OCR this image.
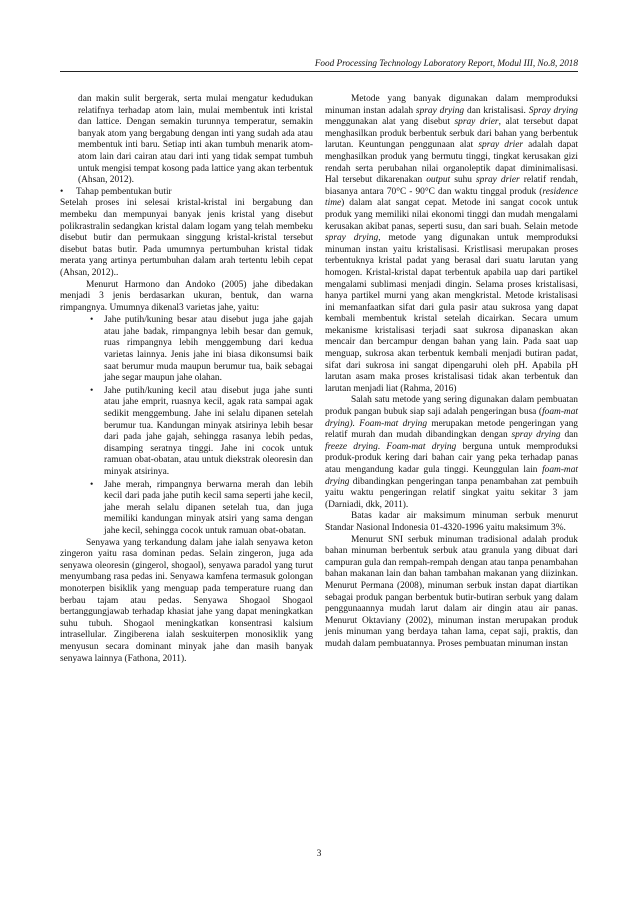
Food Processing Technology Laboratory Report, Modul III, No.8, 2018

dan makin sulit bergerak, serta mulai mengatur kedudukan relatifnya terhadap atom lain, mulai membentuk inti kristal dan lattice. Dengan semakin turunnya temperatur, semakin banyak atom yang bergabung dengan inti yang sudah ada atau membentuk inti baru. Setiap inti akan tumbuh menarik atom-atom lain dari cairan atau dari inti yang tidak sempat tumbuh untuk mengisi tempat kosong pada lattice yang akan terbentuk (Ahsan, 2012).

• Tahap pembentukan butir

Setelah proses ini selesai kristal-kristal ini bergabung dan membeku dan mempunyai banyak jenis kristal yang disebut polikrastralin sedangkan kristal dalam logam yang telah membeku disebut butir dan permukaan singgung kristal-kristal tersebut disebut batas butir. Pada umumnya pertumbuhan kristal tidak merata yang artinya pertumbuhan dalam arah tertentu lebih cepat (Ahsan, 2012)..

Menurut Harmono dan Andoko (2005) jahe dibedakan menjadi 3 jenis berdasarkan ukuran, bentuk, dan warna rimpangnya. Umumnya dikenal3 varietas jahe, yaitu:

• Jahe putih/kuning besar atau disebut juga jahe gajah atau jahe badak, rimpangnya lebih besar dan gemuk, ruas rimpangnya lebih menggembung dari kedua varietas lainnya. Jenis jahe ini biasa dikonsumsi baik saat berumur muda maupun berumur tua, baik sebagai jahe segar maupun jahe olahan.

• Jahe putih/kuning kecil atau disebut juga jahe sunti atau jahe emprit, ruasnya kecil, agak rata sampai agak sedikit menggembung. Jahe ini selalu dipanen setelah berumur tua. Kandungan minyak atsirinya lebih besar dari pada jahe gajah, sehingga rasanya lebih pedas, disamping seratnya tinggi. Jahe ini cocok untuk ramuan obat-obatan, atau untuk diekstrak oleoresin dan minyak atsirinya.

• Jahe merah, rimpangnya berwarna merah dan lebih kecil dari pada jahe putih kecil sama seperti jahe kecil, jahe merah selalu dipanen setelah tua, dan juga memiliki kandungan minyak atsiri yang sama dengan jahe kecil, sehingga cocok untuk ramuan obat-obatan.

Senyawa yang terkandung dalam jahe ialah senyawa keton zingeron yaitu rasa dominan pedas. Selain zingeron, juga ada senyawa oleoresin (gingerol, shogaol), senyawa paradol yang turut menyumbang rasa pedas ini. Senyawa kamfena termasuk golongan monoterpen bisiklik yang menguap pada temperature ruang dan berbau tajam atau pedas. Senyawa Shogaol Shogaol bertanggungjawab terhadap khasiat jahe yang dapat meningkatkan suhu tubuh. Shogaol meningkatkan konsentrasi kalsium intrasellular. Zingiberena ialah seskuiterpen monosiklik yang menyusun secara dominant minyak jahe dan masih banyak senyawa lainnya (Fathona, 2011).

Metode yang banyak digunakan dalam memproduksi minuman instan adalah spray drying dan kristalisasi. Spray drying menggunakan alat yang disebut spray drier, alat tersebut dapat menghasilkan produk berbentuk serbuk dari bahan yang berbentuk larutan. Keuntungan penggunaan alat spray drier adalah dapat menghasilkan produk yang bermutu tinggi, tingkat kerusakan gizi rendah serta perubahan nilai organoleptik dapat diminimalisasi. Hal tersebut dikarenakan output suhu spray drier relatif rendah, biasanya antara 70°C - 90°C dan waktu tinggal produk (residence time) dalam alat sangat cepat. Metode ini sangat cocok untuk produk yang memiliki nilai ekonomi tinggi dan mudah mengalami kerusakan akibat panas, seperti susu, dan sari buah. Selain metode spray drying, metode yang digunakan untuk memproduksi minuman instan yaitu kristalisasi. Kristlisasi merupakan proses terbentuknya kristal padat yang berasal dari suatu larutan yang homogen. Kristal-kristal dapat terbentuk apabila uap dari partikel mengalami sublimasi menjadi dingin. Selama proses kristalisasi, hanya partikel murni yang akan mengkristal. Metode kristalisasi ini memanfaatkan sifat dari gula pasir atau sukrosa yang dapat kembali membentuk kristal setelah dicairkan. Secara umum mekanisme kristalisasi terjadi saat sukrosa dipanaskan akan mencair dan bercampur dengan bahan yang lain. Pada saat uap menguap, sukrosa akan terbentuk kembali menjadi butiran padat, sifat dari sukrosa ini sangat dipengaruhi oleh pH. Apabila pH larutan asam maka proses kristalisasi tidak akan terbentuk dan larutan menjadi liat (Rahma, 2016)

Salah satu metode yang sering digunakan dalam pembuatan produk pangan bubuk siap saji adalah pengeringan busa (foam-mat drying). Foam-mat drying merupakan metode pengeringan yang relatif murah dan mudah dibandingkan dengan spray drying dan freeze drying. Foam-mat drying berguna untuk memproduksi produk-produk kering dari bahan cair yang peka terhadap panas atau mengandung kadar gula tinggi. Keunggulan lain foam-mat drying dibandingkan pengeringan tanpa penambahan zat pembuih yaitu waktu pengeringan relatif singkat yaitu sekitar 3 jam (Darniadi, dkk, 2011).

Batas kadar air maksimum minuman serbuk menurut Standar Nasional Indonesia 01-4320-1996 yaitu maksimum 3%.

Menurut SNI serbuk minuman tradisional adalah produk bahan minuman berbentuk serbuk atau granula yang dibuat dari campuran gula dan rempah-rempah dengan atau tanpa penambahan bahan makanan lain dan bahan tambahan makanan yang diizinkan. Menurut Permana (2008), minuman serbuk instan dapat diartikan sebagai produk pangan berbentuk butir-butiran serbuk yang dalam penggunaannya mudah larut dalam air dingin atau air panas. Menurut Oktaviany (2002), minuman instan merupakan produk jenis minuman yang berdaya tahan lama, cepat saji, praktis, dan mudah dalam pembuatannya. Proses pembuatan minuman instan

3
